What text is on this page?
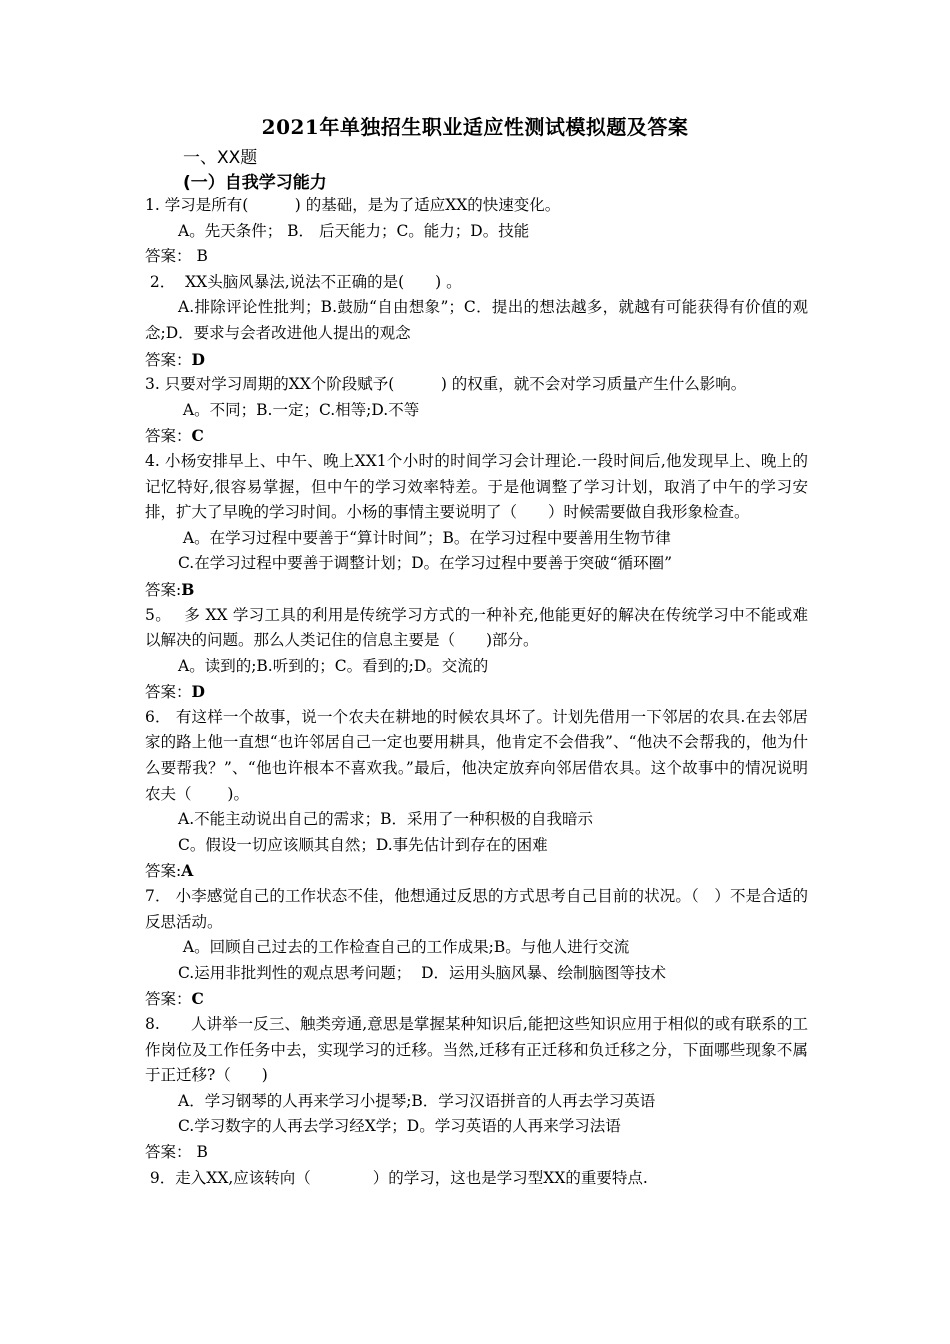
2021年单独招生职业适应性测试模拟题及答案
一、XX题
(一）自我学习能力
1. 学习是所有(　　　) 的基础，是为了适应XX的快速变化。
A。先天条件； B． 后天能力；C。能力；D。技能
答案： B
2．  XX头脑风暴法,说法不正确的是(　　) 。
A.排除评论性批判；B.鼓励“自由想象”；C．提出的想法越多，就越有可能获得有价值的观念;D．要求与会者改进他人提出的观念
答案：D
3. 只要对学习周期的XX个阶段赋予(　　　) 的权重，就不会对学习质量产生什么影响。
A。不同；B.一定；C.相等;D.不等
答案：C
4. 小杨安排早上、中午、晚上XX1个小时的时间学习会计理论.一段时间后,他发现早上、晚上的记忆特好,很容易掌握，但中午的学习效率特差。于是他调整了学习计划，取消了中午的学习安排，扩大了早晚的学习时间。小杨的事情主要说明了（　　）时候需要做自我形象检查。
A。在学习过程中要善于“算计时间”；B。在学习过程中要善用生物节律
C.在学习过程中要善于调整计划；D。在学习过程中要善于突破“循环圈”
答案:B
5。　 多 XX 学习工具的利用是传统学习方式的一种补充,他能更好的解决在传统学习中不能或难以解决的问题。那么人类记住的信息主要是（　　)部分。
A。读到的;B.听到的；C。看到的;D。交流的
答案：D
6． 有这样一个故事，说一个农夫在耕地的时候农具坏了。计划先借用一下邻居的农具.在去邻居家的路上他一直想“也许邻居自己一定也要用耕具，他肯定不会借我”、“他决不会帮我的，他为什么要帮我？”、“他也许根本不喜欢我。”最后，他决定放弃向邻居借农具。这个故事中的情况说明农夫（　　 )。
A.不能主动说出自己的需求；B．采用了一种积极的自我暗示
C。假设一切应该顺其自然；D.事先估计到存在的困难
答案:A
7． 小李感觉自己的工作状态不佳，他想通过反思的方式思考自己目前的状况。（　）不是合适的反思活动。
A。回顾自己过去的工作检查自己的工作成果;B。与他人进行交流
C.运用非批判性的观点思考问题；  D．运用头脑风暴、绘制脑图等技术
答案：C
8.　　人讲举一反三、触类旁通,意思是掌握某种知识后,能把这些知识应用于相似的或有联系的工作岗位及工作任务中去，实现学习的迁移。当然,迁移有正迁移和负迁移之分，下面哪些现象不属于正迁移?（　　)
A．学习钢琴的人再来学习小提琴;B．学习汉语拼音的人再去学习英语
C.学习数字的人再去学习经X学；D。学习英语的人再来学习法语
答案： B
9．走入XX,应该转向（　　　　）的学习，这也是学习型XX的重要特点.
